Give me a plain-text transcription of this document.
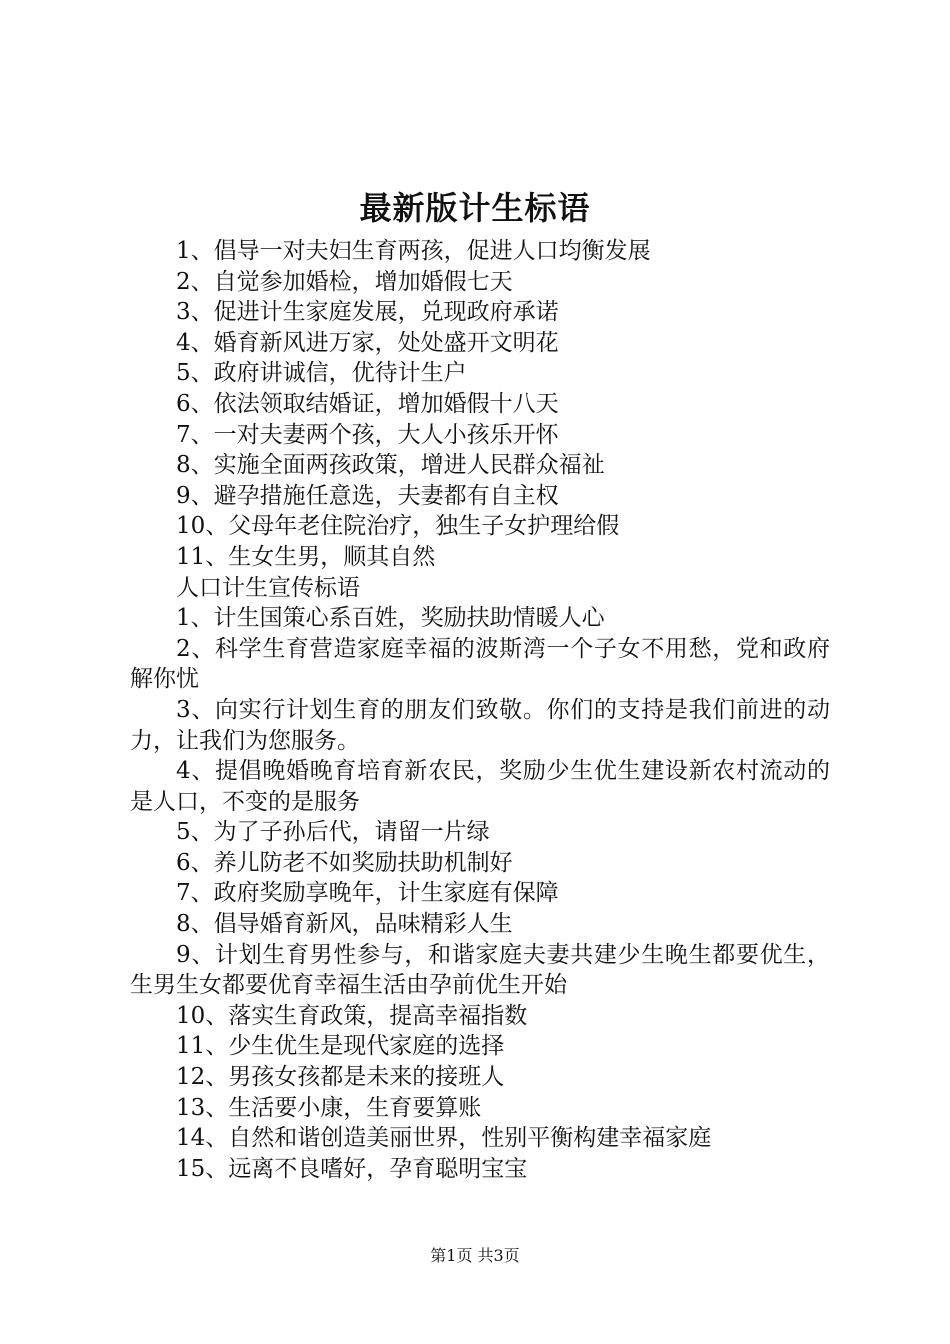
最新版计生标语

1、倡导一对夫妇生育两孩，促进人口均衡发展

2、自觉参加婚检，增加婚假七天

3、促进计生家庭发展，兑现政府承诺

4、婚育新风进万家，处处盛开文明花

5、政府讲诚信，优待计生户

6、依法领取结婚证，增加婚假十八天

7、一对夫妻两个孩，大人小孩乐开怀

8、实施全面两孩政策，增进人民群众福祉

9、避孕措施任意选，夫妻都有自主权

10、父母年老住院治疗，独生子女护理给假

11、生女生男，顺其自然

人口计生宣传标语

1、计生国策心系百姓，奖励扶助情暖人心

2、科学生育营造家庭幸福的波斯湾一个子女不用愁，党和政府解你忧

3、向实行计划生育的朋友们致敬。你们的支持是我们前进的动力，让我们为您服务。

4、提倡晚婚晚育培育新农民，奖励少生优生建设新农村流动的是人口，不变的是服务

5、为了子孙后代，请留一片绿

6、养儿防老不如奖励扶助机制好

7、政府奖励享晚年，计生家庭有保障

8、倡导婚育新风，品味精彩人生

9、计划生育男性参与，和谐家庭夫妻共建少生晚生都要优生，生男生女都要优育幸福生活由孕前优生开始

10、落实生育政策，提高幸福指数

11、少生优生是现代家庭的选择

12、男孩女孩都是未来的接班人

13、生活要小康，生育要算账

14、自然和谐创造美丽世界，性别平衡构建幸福家庭

15、远离不良嗜好，孕育聪明宝宝

第1页 共3页
